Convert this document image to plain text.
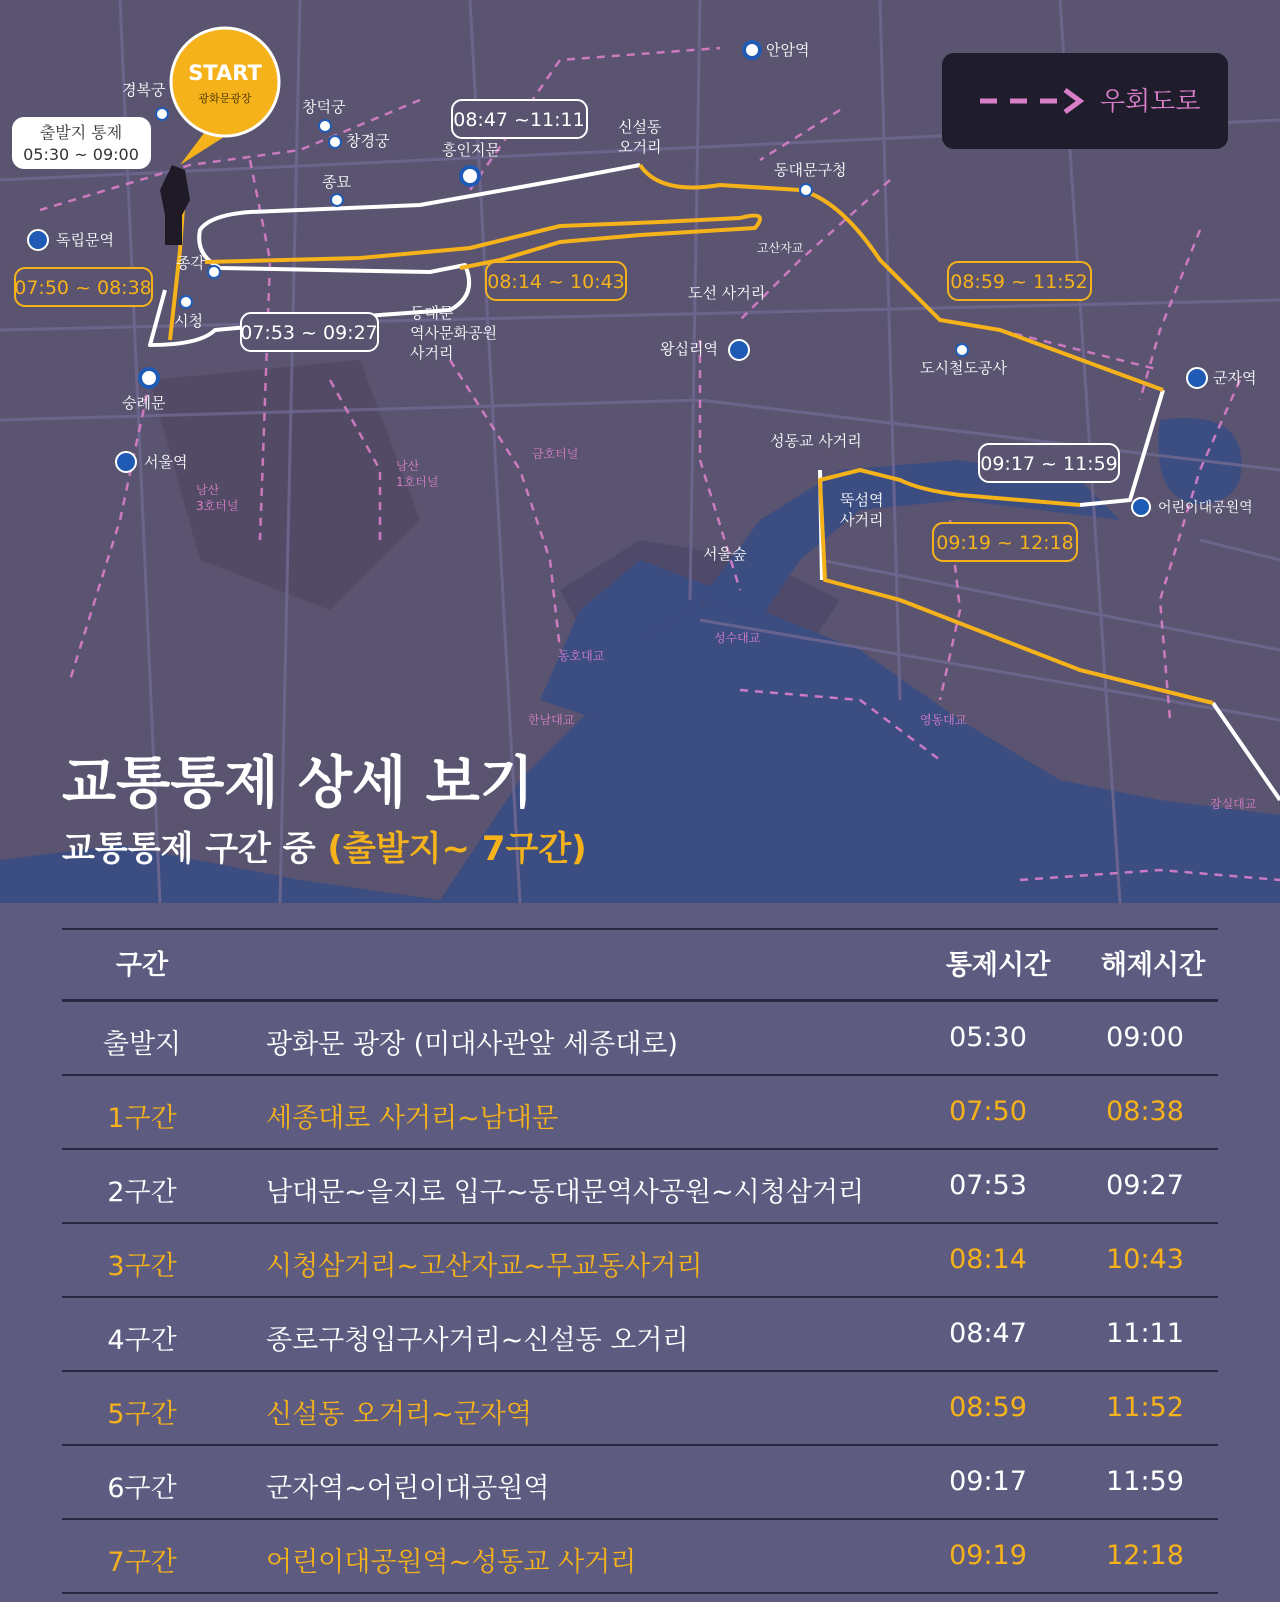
07:50 ~ 08:38
07:53 ~ 09:27
08:14 ~ 10:43
08:47 ~11:11
08:59 ~ 11:52
09:17 ~ 11:59
09:19 ~ 12:18
START
광화문광장
출발지 통제
05:30 ~ 09:00
안암역
경복궁
창덕궁
창경궁	흥인지문
종묘
독립문역
종각
시청
숭례문
서울역
왕십리역
군자역
어린이대공원역
신설동
오거리
동대문구청
고산자교
도선 사거리
동대문
역사문화공원
사거리
도시철도공사
성동교 사거리
뚝섬역
사거리
서울숲
남산
3호터널
남산
1호터널
금호터널
동호대교
성수대교
한남대교	영동대교
잠실대교
우회도로
교통통제 상세 보기
교통통제 구간 중 (출발지~ 7구간)
구간	통제시간	해제시간
출발지	광화문 광장 (미대사관앞 세종대로)	05:30	09:00
1구간	세종대로 사거리~남대문	07:50	08:38
2구간	남대문~을지로 입구~동대문역사공원~시청삼거리	07:53	09:27
3구간	시청삼거리~고산자교~무교동사거리	08:14	10:43
4구간	종로구청입구사거리~신설동 오거리	08:47	11:11
5구간	신설동 오거리~군자역	08:59	11:52
6구간	군자역~어린이대공원역	09:17	11:59
7구간	어린이대공원역~성동교 사거리	09:19	12:18
